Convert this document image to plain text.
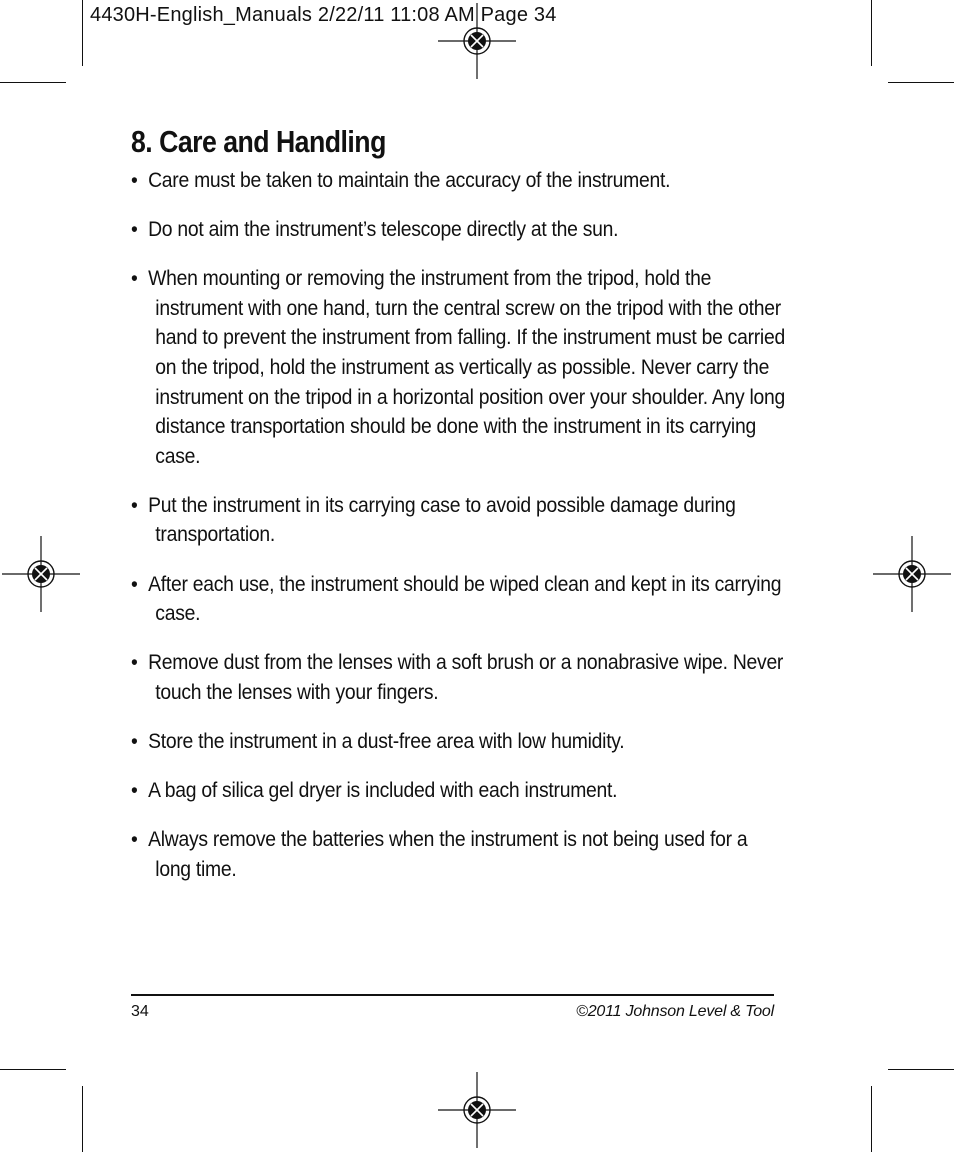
4430H-English_Manuals 2/22/11 11:08 AM Page 34
8. Care and Handling
• Care must be taken to maintain the accuracy of the instrument.
• Do not aim the instrument’s telescope directly at the sun.
• When mounting or removing the instrument from the tripod, hold the instrument with one hand, turn the central screw on the tripod with the other hand to prevent the instrument from falling. If the instrument must be carried on the tripod, hold the instrument as vertically as possible. Never carry the instrument on the tripod in a horizontal position over your shoulder. Any long distance transportation should be done with the instrument in its carrying case.
• Put the instrument in its carrying case to avoid possible damage during transportation.
• After each use, the instrument should be wiped clean and kept in its carrying case.
• Remove dust from the lenses with a soft brush or a nonabrasive wipe. Never touch the lenses with your fingers.
• Store the instrument in a dust-free area with low humidity.
• A bag of silica gel dryer is included with each instrument.
• Always remove the batteries when the instrument is not being used for a long time.
34	©2011 Johnson Level & Tool
